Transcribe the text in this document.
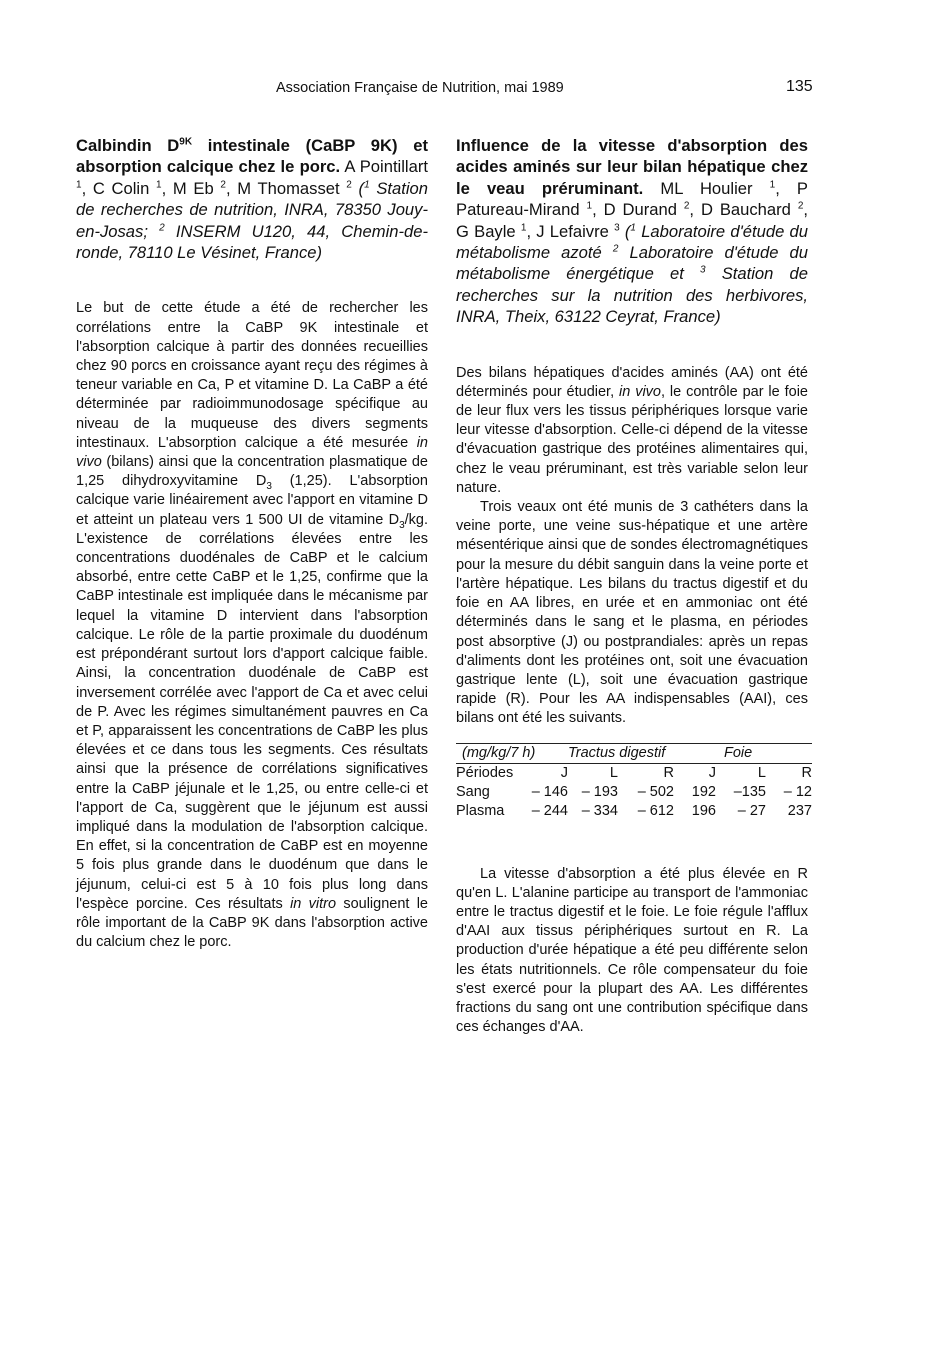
Association Française de Nutrition, mai 1989	135
Calbindin $D^{9K}$ intestinale (CaBP 9K) et absorption calcique chez le porc. A Pointillart $^1$, C Colin $^1$, M Eb $^2$, M Thomasset $^2$ ($^1$ Station de recherches de nutrition, INRA, 78350 Jouy-en-Josas; $^2$ INSERM U120, 44, Chemin-de-ronde, 78110 Le Vésinet, France)

Le but de cette étude a été de rechercher les corrélations entre la CaBP 9K intestinale et l'absorption calcique à partir des données recueillies chez 90 porcs en croissance ayant reçu des régimes à teneur variable en Ca, P et vitamine D. La CaBP a été déterminée par radioimmunodosage spécifique au niveau de la muqueuse des divers segments intestinaux. L'absorption calcique a été mesurée in vivo (bilans) ainsi que la concentration plasmatique de 1,25 dihydroxyvitamine $D_3$ (1,25). L'absorption calcique varie linéairement avec l'apport en vitamine D et atteint un plateau vers 1 500 UI de vitamine $D_3/kg$. L'existence de corrélations élevées entre les concentrations duodénales de CaBP et le calcium absorbé, entre cette CaBP et le 1,25, confirme que la CaBP intestinale est impliquée dans le mécanisme par lequel la vitamine D intervient dans l'absorption calcique. Le rôle de la partie proximale du duodénum est prépondérant surtout lors d'apport calcique faible. Ainsi, la concentration duodénale de CaBP est inversement corrélée avec l'apport de Ca et avec celui de P. Avec les régimes simultanément pauvres en Ca et P, apparaissent les concentrations de CaBP les plus élevées et ce dans tous les segments. Ces résultats ainsi que la présence de corrélations significatives entre la CaBP jéjunale et le 1,25, ou entre celle-ci et l'apport de Ca, suggèrent que le jéjunum est aussi impliqué dans la modulation de l'absorption calcique. En effet, si la concentration de CaBP est en moyenne 5 fois plus grande dans le duodénum que dans le jéjunum, celui-ci est 5 à 10 fois plus long dans l'espèce porcine. Ces résultats in vitro soulignent le rôle important de la CaBP 9K dans l'absorption active du calcium chez le porc.

Influence de la vitesse d'absorption des acides aminés sur leur bilan hépatique chez le veau préruminant. ML Houlier $^1$, P Patureau-Mirand $^1$, D Durand $^2$, D Bauchard $^2$, G Bayle $^1$, J Lefaivre $^3$ ($^1$ Laboratoire d'étude du métabolisme azoté $^2$ Laboratoire d'étude du métabolisme énergétique et $^3$ Station de recherches sur la nutrition des herbivores, INRA, Theix, 63122 Ceyrat, France)

Des bilans hépatiques d'acides aminés (AA) ont été déterminés pour étudier, in vivo, le contrôle par le foie de leur flux vers les tissus périphériques lorsque varie leur vitesse d'absorption. Celle-ci dépend de la vitesse d'évacuation gastrique des protéines alimentaires qui, chez le veau préruminant, est très variable selon leur nature.

Trois veaux ont été munis de 3 cathéters dans la veine porte, une veine sus-hépatique et une artère mésentérique ainsi que de sondes électromagnétiques pour la mesure du débit sanguin dans la veine porte et l'artère hépatique. Les bilans du tractus digestif et du foie en AA libres, en urée et en ammoniac ont été déterminés dans le sang et le plasma, en périodes post absorptive (J) ou postprandiales: après un repas d'aliments dont les protéines ont, soit une évacuation gastrique lente (L), soit une évacuation gastrique rapide (R). Pour les AA indispensables (AAI), ces bilans ont été les suivants.

(mg/kg/7 h)		Tractus digestif			Foie	
Périodes	J	L	R	J	L	R
Sang	– 146	– 193	– 502	192	–135	– 12
Plasma	– 244	– 334	– 612	196	– 27	237

La vitesse d'absorption a été plus élevée en R qu'en L. L'alanine participe au transport de l'ammoniac entre le tractus digestif et le foie. Le foie régule l'afflux d'AAI aux tissus périphériques surtout en R. La production d'urée hépatique a été peu différente selon les états nutritionnels. Ce rôle compensateur du foie s'est exercé pour la plupart des AA. Les différentes fractions du sang ont une contribution spécifique dans ces échanges d'AA.
